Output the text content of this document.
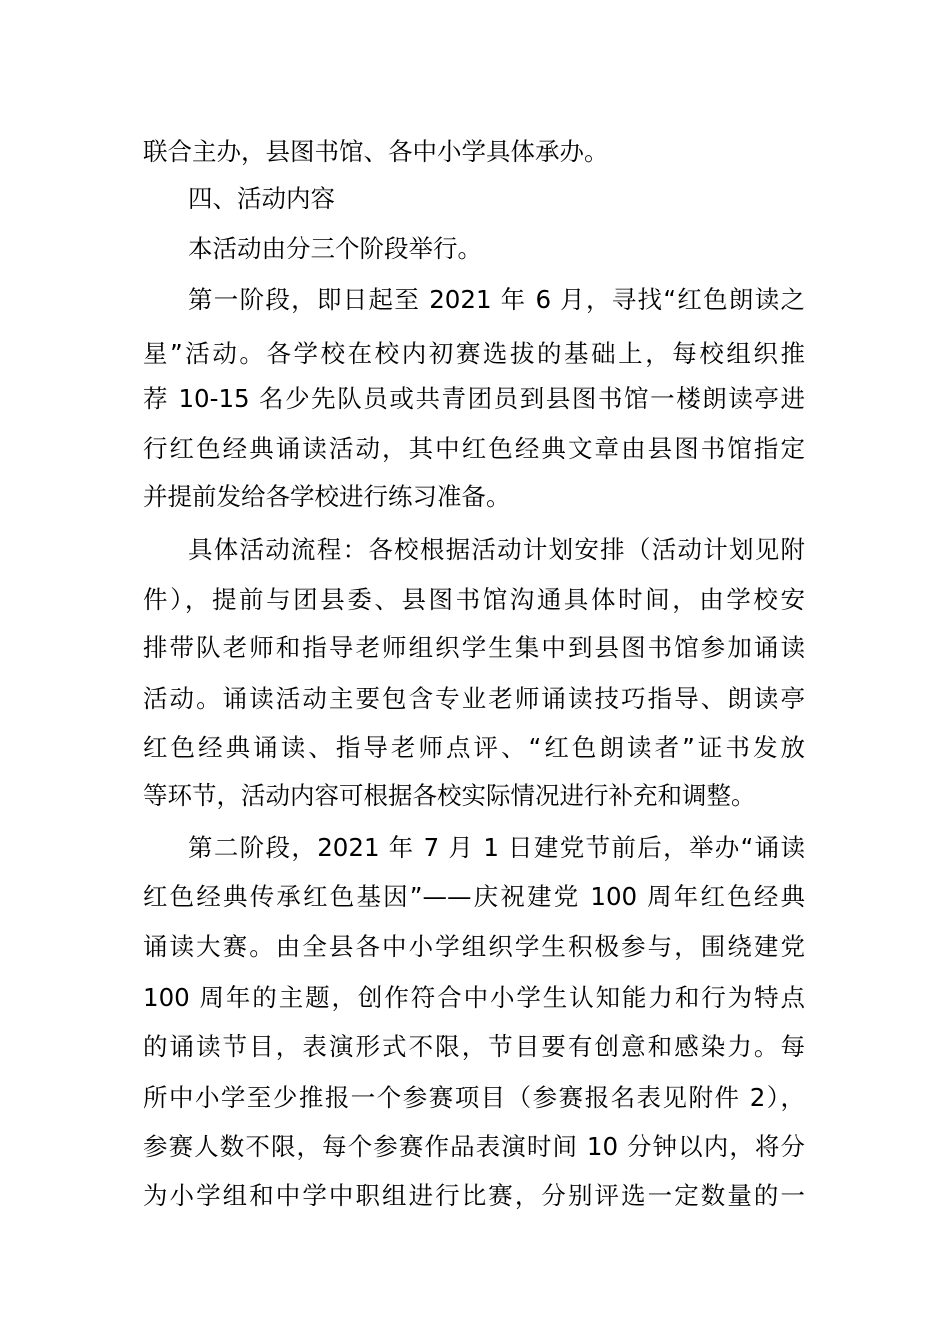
联合主办，县图书馆、各中小学具体承办。
四、活动内容
本活动由分三个阶段举行。
第一阶段，即日起至 2021 年 6 月，寻找“红色朗读之
星”活动。各学校在校内初赛选拔的基础上，每校组织推
荐 10-15 名少先队员或共青团员到县图书馆一楼朗读亭进
行红色经典诵读活动，其中红色经典文章由县图书馆指定
并提前发给各学校进行练习准备。
具体活动流程：各校根据活动计划安排（活动计划见附
件），提前与团县委、县图书馆沟通具体时间，由学校安
排带队老师和指导老师组织学生集中到县图书馆参加诵读
活动。诵读活动主要包含专业老师诵读技巧指导、朗读亭
红色经典诵读、指导老师点评、“红色朗读者”证书发放
等环节，活动内容可根据各校实际情况进行补充和调整。
第二阶段，2021 年 7 月 1 日建党节前后，举办“诵读
红色经典传承红色基因”——庆祝建党 100 周年红色经典
诵读大赛。由全县各中小学组织学生积极参与，围绕建党
100 周年的主题，创作符合中小学生认知能力和行为特点
的诵读节目，表演形式不限，节目要有创意和感染力。每
所中小学至少推报一个参赛项目（参赛报名表见附件 2），
参赛人数不限，每个参赛作品表演时间 10 分钟以内，将分
为小学组和中学中职组进行比赛，分别评选一定数量的一
